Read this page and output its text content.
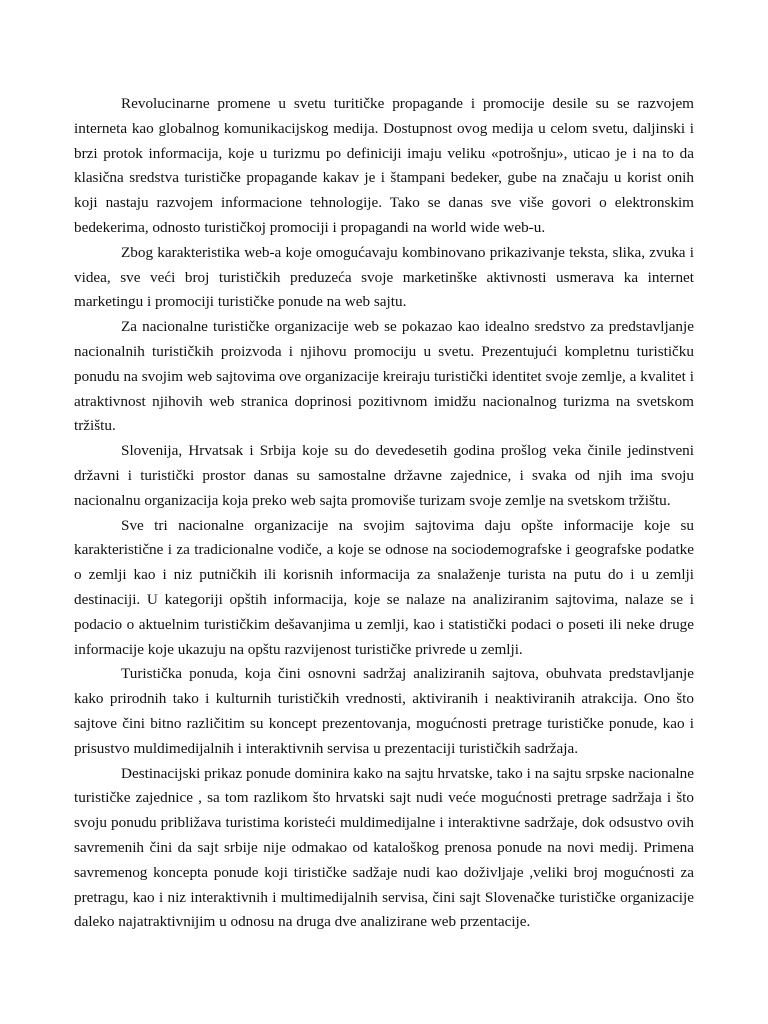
Revolucinarne promene u svetu turitičke propagande i promocije desile su se razvojem interneta kao globalnog komunikacijskog medija. Dostupnost ovog medija u celom svetu, daljinski i brzi protok informacija, koje u turizmu po definiciji imaju veliku «potrošnju», uticao je i na to da klasična sredstva turističke propagande kakav je i štampani bedeker, gube na značaju u korist onih koji nastaju razvojem informacione tehnologije. Tako se danas sve više govori o elektronskim bedekerima, odnosto turističkoj promociji i propagandi na world wide web-u.

Zbog karakteristika web-a koje omogućavaju kombinovano prikazivanje teksta, slika, zvuka i videa, sve veći broj turističkih preduzeća svoje marketinške aktivnosti usmerava ka internet marketingu i promociji turističke ponude na web sajtu.

Za nacionalne turističke organizacije web se pokazao kao idealno sredstvo za predstavljanje nacionalnih turističkih proizvoda i njihovu promociju u svetu. Prezentujući kompletnu turističku ponudu na svojim web sajtovima ove organizacije kreiraju turistički identitet svoje zemlje, a kvalitet i atraktivnost njihovih web stranica doprinosi pozitivnom imidžu nacionalnog turizma na svetskom tržištu.

Slovenija, Hrvatsak i Srbija koje su do devedesetih godina prošlog veka činile jedinstveni državni i turistički prostor danas su samostalne državne zajednice, i svaka od njih ima svoju nacionalnu organizacija koja preko web sajta promoviše turizam svoje zemlje na svetskom tržištu.

Sve tri nacionalne organizacije na svojim sajtovima daju opšte informacije koje su karakteristične i za tradicionalne vodiče, a koje se odnose na sociodemografske i geografske podatke o zemlji kao i niz putničkih ili korisnih informacija za snalaženje turista na putu do i u zemlji destinaciji. U kategoriji opštih informacija, koje se nalaze na analiziranim sajtovima, nalaze se i podacio o aktuelnim turističkim dešavanjima u zemlji, kao i statistički podaci o poseti ili neke druge informacije koje ukazuju na opštu razvijenost turističke privrede u zemlji.

Turistička ponuda, koja čini osnovni sadržaj analiziranih sajtova, obuhvata predstavljanje kako prirodnih tako i kulturnih turističkih vrednosti, aktiviranih i neaktiviranih atrakcija. Ono što sajtove čini bitno različitim su koncept prezentovanja, mogućnosti pretrage turističke ponude, kao i prisustvo muldimedijalnih i interaktivnih servisa u prezentaciji turističkih sadržaja.

Destinacijski prikaz ponude dominira kako na sajtu hrvatske, tako i na sajtu srpske nacionalne turističke zajednice , sa tom razlikom što hrvatski sajt nudi veće mogućnosti pretrage sadržaja i što svoju ponudu približava turistima koristeći muldimedijalne i interaktivne sadržaje, dok odsustvo ovih savremenih čini da sajt srbije nije odmakao od kataloškog prenosa ponude na novi medij. Primena savremenog koncepta ponude koji tirističke sadžaje nudi kao doživljaje ,veliki broj mogućnosti za pretragu, kao i niz interaktivnih i multimedijalnih servisa, čini sajt Slovenačke turističke organizacije daleko najatraktivnijim u odnosu na druga dve analizirane web przentacije.
